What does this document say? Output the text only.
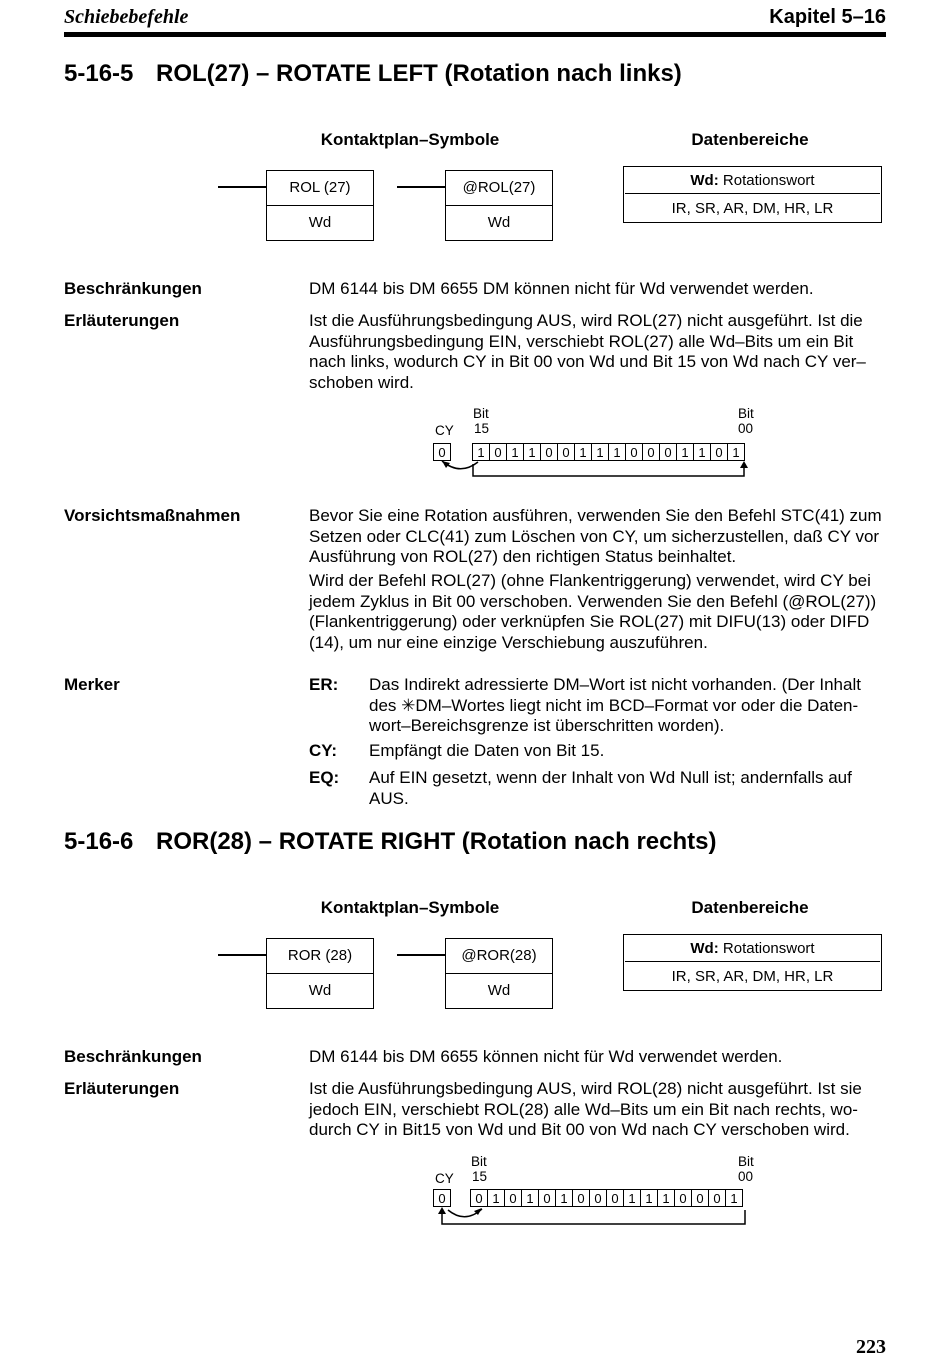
Schiebebefehle	Kapitel 5–16
5-16-5 ROL(27) – ROTATE LEFT (Rotation nach links)
Kontaktplan–Symbole	Datenbereiche
ROL (27)
Wd
@ROL(27)
Wd
Wd:
Rotationswort
IR, SR, AR, DM, HR, LR
Beschränkungen	DM 6144 bis DM 6655 DM können nicht für Wd verwendet werden.
Erläuterungen	Ist die Ausführungsbedingung AUS, wird ROL(27) nicht ausgeführt. Ist die Ausführungsbedingung EIN, verschiebt ROL(27) alle Wd–Bits um ein Bit nach links, wodurch CY in Bit 00 von Wd und Bit 15 von Wd nach CY ver– schoben wird.
Bit
15
Bit
00
CY
0	1 0 1 1 0 0 1 1 1 0 0 0 1 1 0 1
Vorsichtsmaßnahmen	Bevor Sie eine Rotation ausführen, verwenden Sie den Befehl STC(41) zum Setzen oder CLC(41) zum Löschen von CY, um sicherzustellen, daß CY vor Ausführung von ROL(27) den richtigen Status beinhaltet.
Wird der Befehl ROL(27) (ohne Flankentriggerung) verwendet, wird CY bei jedem Zyklus in Bit 00 verschoben. Verwenden Sie den Befehl (@ROL(27)) (Flankentriggerung) oder verknüpfen Sie ROL(27) mit DIFU(13) oder DIFD (14), um nur eine einzige Verschiebung auszuführen.
Merker	ER: Das Indirekt adressierte DM–Wort ist nicht vorhanden. (Der Inhalt des ✳DM–Wortes liegt nicht im BCD–Format vor oder die Daten- wort–Bereichsgrenze ist überschritten worden).
CY: Empfängt die Daten von Bit 15.
EQ: Auf EIN gesetzt, wenn der Inhalt von Wd Null ist; andernfalls auf AUS.
5-16-6 ROR(28) – ROTATE RIGHT (Rotation nach rechts)
Kontaktplan–Symbole	Datenbereiche
ROR (28)
Wd
@ROR(28)
Wd
Wd:
Rotationswort
IR, SR, AR, DM, HR, LR
Beschränkungen	DM 6144 bis DM 6655 können nicht für Wd verwendet werden.
Erläuterungen	Ist die Ausführungsbedingung AUS, wird ROL(28) nicht ausgeführt. Ist sie jedoch EIN, verschiebt ROL(28) alle Wd–Bits um ein Bit nach rechts, wo- durch CY in Bit15 von Wd und Bit 00 von Wd nach CY verschoben wird.
Bit
15
Bit
00
CY
0	0 1 0 1 0 1 0 0 0 1 1 1 0 0 0 1
223
